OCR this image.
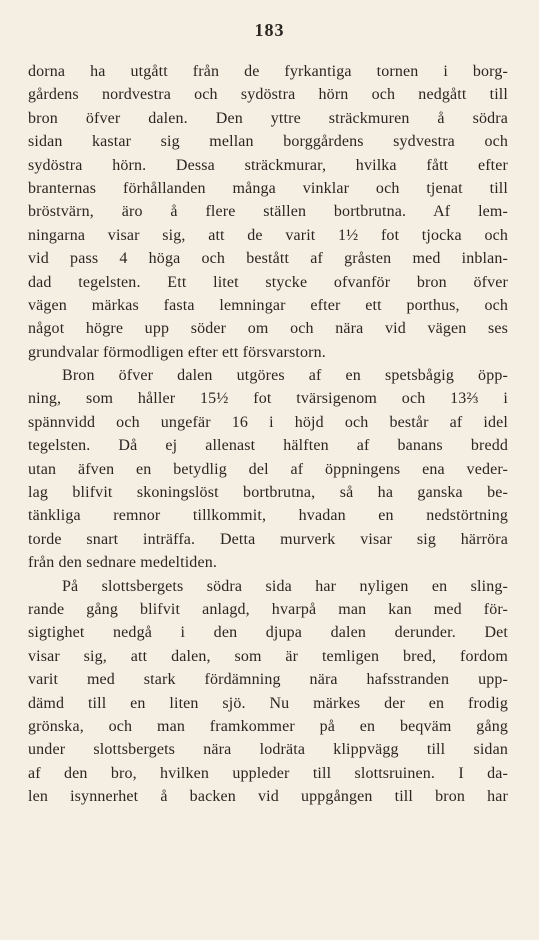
183
dorna ha utgått från de fyrkantiga tornen i borg-
gårdens nordvestra och sydöstra hörn och nedgått till
bron öfver dalen. Den yttre sträckmuren å södra
sidan kastar sig mellan borggårdens sydvestra och
sydöstra hörn. Dessa sträckmurar, hvilka fått efter
branternas förhållanden många vinklar och tjenat till
bröstvärn, äro å flere ställen bortbrutna. Af lem-
ningarna visar sig, att de varit 1½ fot tjocka och
vid pass 4 höga och bestått af gråsten med inblan-
dad tegelsten. Ett litet stycke ofvanför bron öfver
vägen märkas fasta lemningar efter ett porthus, och
något högre upp söder om och nära vid vägen ses
grundvalar förmodligen efter ett försvarstorn.
Bron öfver dalen utgöres af en spetsbågig öpp-
ning, som håller 15½ fot tvärsigenom och 13⅔ i
spännvidd och ungefär 16 i höjd och består af idel
tegelsten. Då ej allenast hälften af banans bredd
utan äfven en betydlig del af öppningens ena veder-
lag blifvit skoningslöst bortbrutna, så ha ganska be-
tänkliga remnor tillkommit, hvadan en nedstörtning
torde snart inträffa. Detta murverk visar sig härröra
från den sednare medeltiden.
På slottsbergets södra sida har nyligen en sling-
rande gång blifvit anlagd, hvarpå man kan med för-
sigtighet nedgå i den djupa dalen derunder. Det
visar sig, att dalen, som är temligen bred, fordom
varit med stark fördämning nära hafsstranden upp-
dämd till en liten sjö. Nu märkes der en frodig
grönska, och man framkommer på en beqväm gång
under slottsbergets nära lodräta klippvägg till sidan
af den bro, hvilken uppleder till slottsruinen. I da-
len isynnerhet å backen vid uppgången till bron har
